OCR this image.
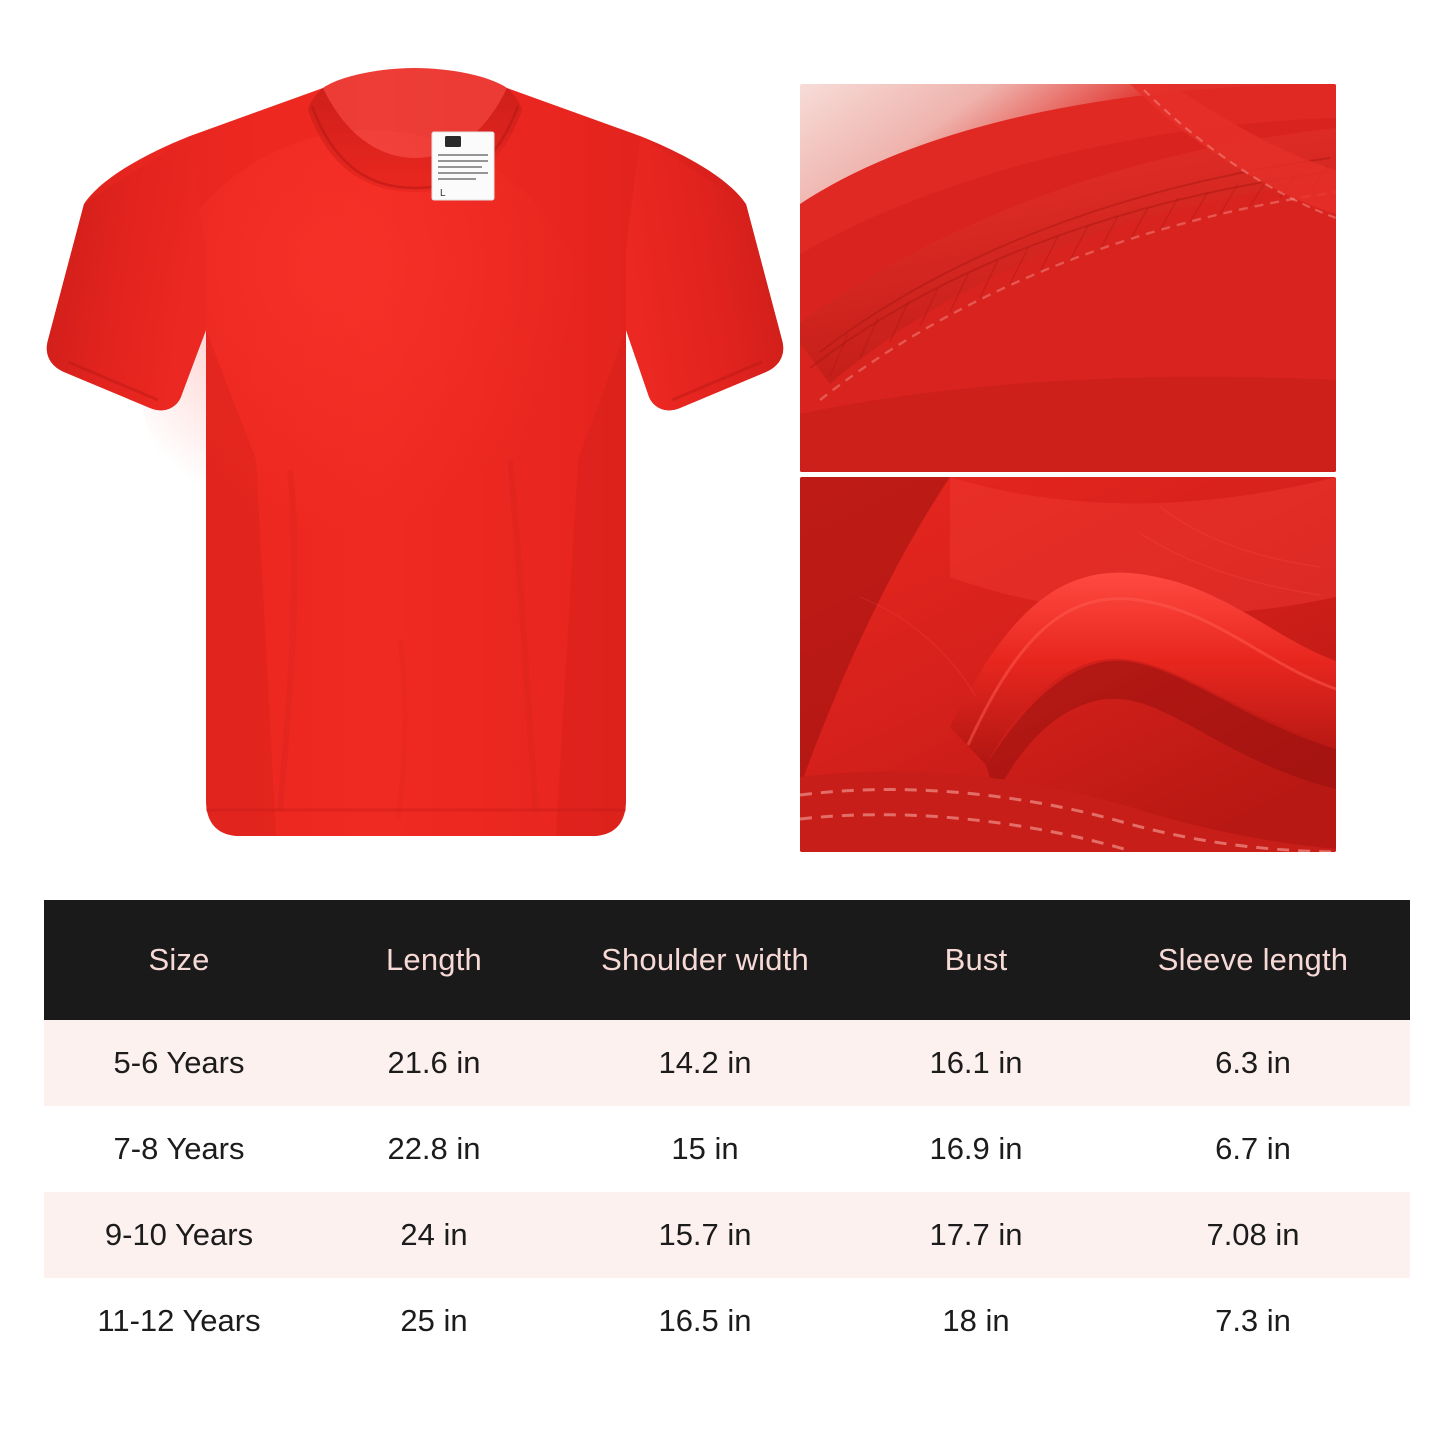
L
Size	Length	Shoulder width	Bust	Sleeve length
5-6 Years	21.6 in	14.2 in	16.1 in	6.3 in
7-8 Years	22.8 in	15 in	16.9 in	6.7 in
9-10 Years	24 in	15.7 in	17.7 in	7.08 in
11-12 Years	25 in	16.5 in	18 in	7.3 in
